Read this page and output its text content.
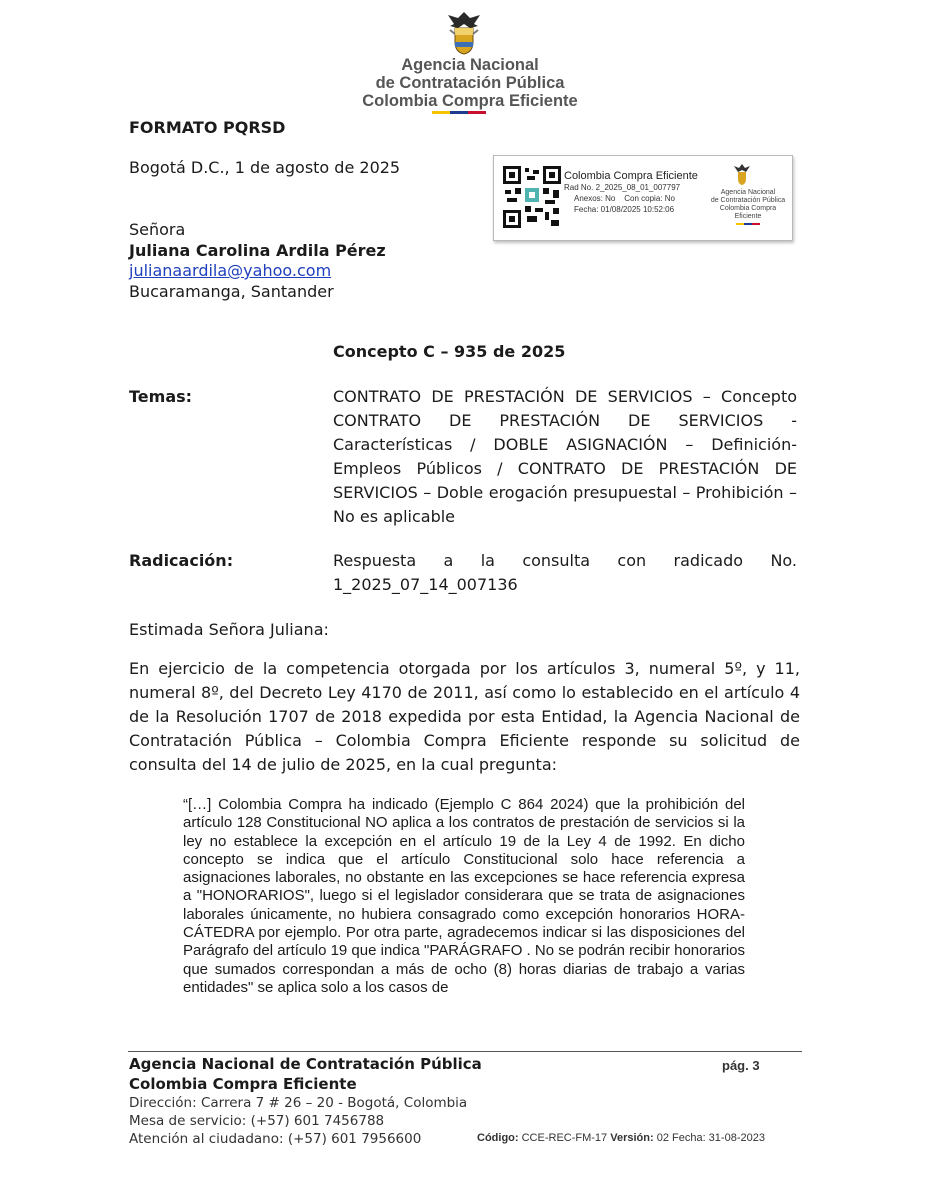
Agencia Nacional
de Contratación Pública
Colombia Compra Eficiente
FORMATO PQRSD
Bogotá D.C., 1 de agosto de 2025	Colombia Compra Eficiente
Rad No. 2_2025_08_01_007797
Anexos: No    Con copia: No
Fecha: 01/08/2025 10:52:06
Agencia Nacional
de Contratación Pública
Colombia Compra Eficiente
Señora
Juliana Carolina Ardila Pérez
julianaardila@yahoo.com
Bucaramanga, Santander
Concepto C – 935 de 2025
Temas:	CONTRATO DE PRESTACIÓN DE SERVICIOS – Concepto CONTRATO DE PRESTACIÓN DE SERVICIOS - Características / DOBLE ASIGNACIÓN – Definición- Empleos Públicos / CONTRATO DE PRESTACIÓN DE SERVICIOS – Doble erogación presupuestal – Prohibición – No es aplicable
Radicación:	Respuesta a la consulta con radicado No. 1_2025_07_14_007136
Estimada Señora Juliana:
En ejercicio de la competencia otorgada por los artículos 3, numeral 5º, y 11, numeral 8º, del Decreto Ley 4170 de 2011, así como lo establecido en el artículo 4 de la Resolución 1707 de 2018 expedida por esta Entidad, la Agencia Nacional de Contratación Pública – Colombia Compra Eficiente responde su solicitud de consulta del 14 de julio de 2025, en la cual pregunta:
“[…] Colombia Compra ha indicado (Ejemplo C 864 2024) que la prohibición del artículo 128 Constitucional NO aplica a los contratos de prestación de servicios si la ley no establece la excepción en el artículo 19 de la Ley 4 de 1992. En dicho concepto se indica que el artículo Constitucional solo hace referencia a asignaciones laborales, no obstante en las excepciones se hace referencia expresa a "HONORARIOS", luego si el legislador considerara que se trata de asignaciones laborales únicamente, no hubiera consagrado como excepción honorarios HORA-CÁTEDRA por ejemplo. Por otra parte, agradecemos indicar si las disposiciones del Parágrafo del artículo 19 que indica "PARÁGRAFO . No se podrán recibir honorarios que sumados correspondan a más de ocho (8) horas diarias de trabajo a varias entidades" se aplica solo a los casos de
Agencia Nacional de Contratación Pública
Colombia Compra Eficiente
pág. 3
Dirección: Carrera 7 # 26 – 20 - Bogotá, Colombia
Mesa de servicio: (+57) 601 7456788
Atención al ciudadano: (+57) 601 7956600	Código: CCE-REC-FM-17 Versión: 02 Fecha: 31-08-2023
